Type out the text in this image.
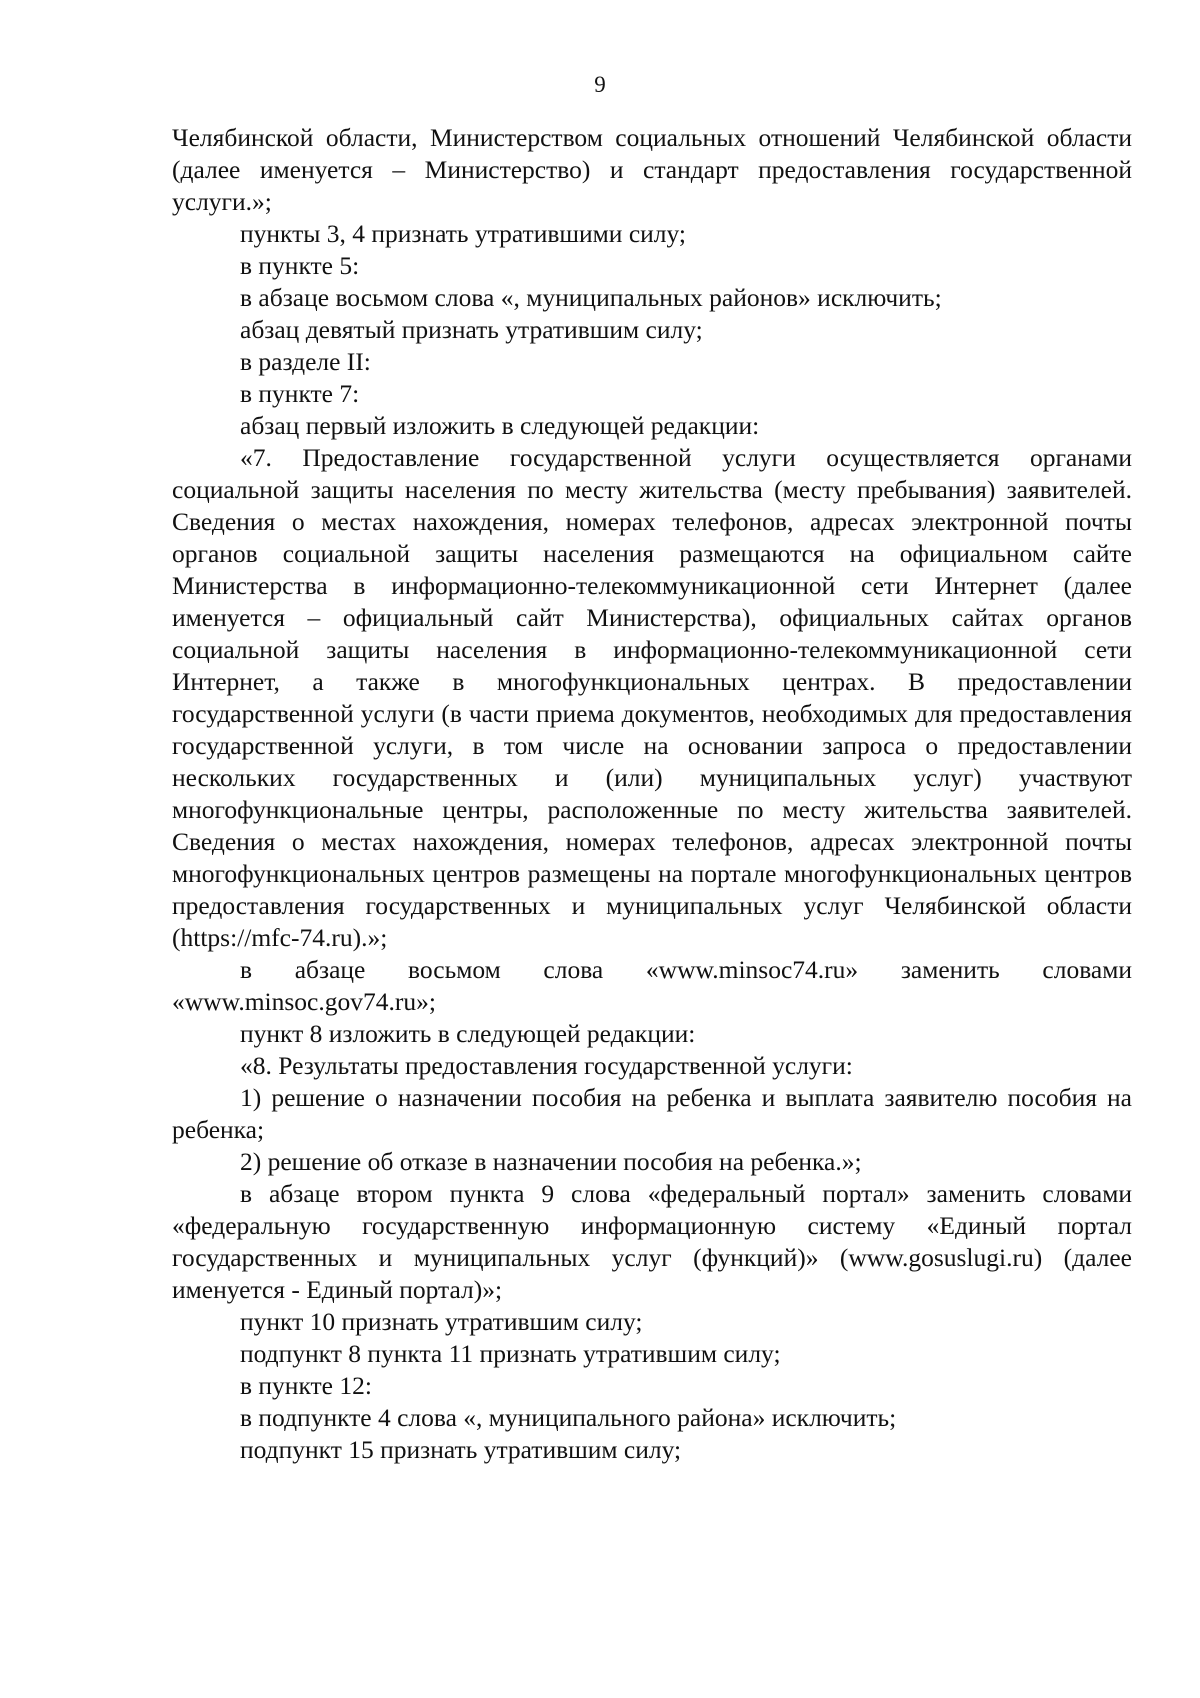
9

Челябинской области, Министерством социальных отношений Челябинской области (далее именуется – Министерство) и стандарт предоставления государственной услуги.»;

пункты 3, 4 признать утратившими силу;

в пункте 5:

в абзаце восьмом слова «, муниципальных районов» исключить;

абзац девятый признать утратившим силу;

в разделе II:

в пункте 7:

абзац первый изложить в следующей редакции:

«7. Предоставление государственной услуги осуществляется органами социальной защиты населения по месту жительства (месту пребывания) заявителей. Сведения о местах нахождения, номерах телефонов, адресах электронной почты органов социальной защиты населения размещаются на официальном сайте Министерства в информационно-телекоммуникационной сети Интернет (далее именуется – официальный сайт Министерства), официальных сайтах органов социальной защиты населения в информационно-телекоммуникационной сети Интернет, а также в многофункциональных центрах. В предоставлении государственной услуги (в части приема документов, необходимых для предоставления государственной услуги, в том числе на основании запроса о предоставлении нескольких государственных и (или) муниципальных услуг) участвуют многофункциональные центры, расположенные по месту жительства заявителей. Сведения о местах нахождения, номерах телефонов, адресах электронной почты многофункциональных центров размещены на портале многофункциональных центров предоставления государственных и муниципальных услуг Челябинской области (https://mfc-74.ru).»;

в абзаце восьмом слова «www.minsoc74.ru» заменить словами «www.minsoc.gov74.ru»;

пункт 8 изложить в следующей редакции:

«8. Результаты предоставления государственной услуги:

1) решение о назначении пособия на ребенка и выплата заявителю пособия на ребенка;

2) решение об отказе в назначении пособия на ребенка.»;

в абзаце втором пункта 9 слова «федеральный портал» заменить словами «федеральную государственную информационную систему «Единый портал государственных и муниципальных услуг (функций)» (www.gosuslugi.ru) (далее именуется - Единый портал)»;

пункт 10 признать утратившим силу;

подпункт 8 пункта 11 признать утратившим силу;

в пункте 12:

в подпункте 4 слова «, муниципального района» исключить;

подпункт 15 признать утратившим силу;
